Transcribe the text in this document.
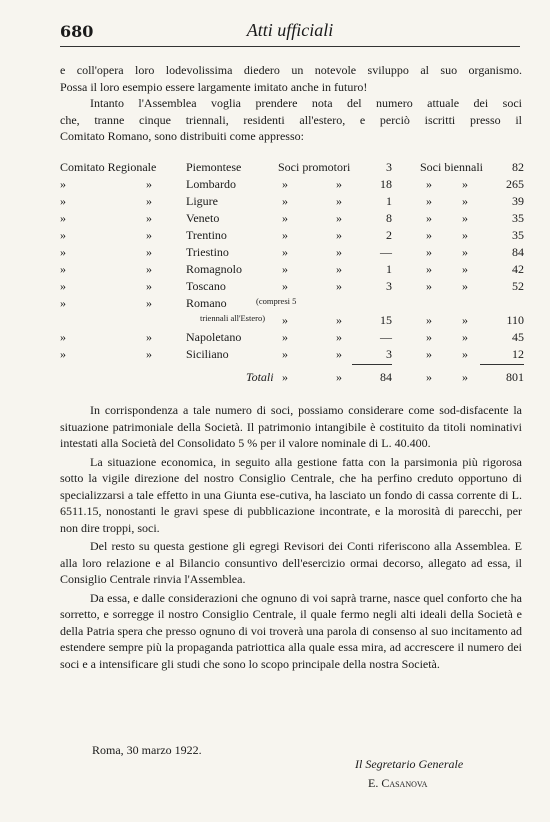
680	Atti ufficiali
e coll'opera loro lodevolissima diedero un notevole sviluppo al suo organismo.
Possa il loro esempio essere largamente imitato anche in futuro!
Intanto l'Assemblea voglia prendere nota del numero attuale dei soci
che, tranne cinque triennali, residenti all'estero, e perciò iscritti presso il
Comitato Romano, sono distribuiti come appresso:
Comitato Regionale Piemontese	Soci promotori	3 Soci biennali	82
»	»	Lombardo	»	»	18	»	»	265
»	»	Ligure	»	»	1	»	»	39
»	»	Veneto	»	»	8	»	»	35
»	»	Trentino	»	»	2	»	»	35
»	»	Triestino	»	»	—	»	»	84
»	»	Romagnolo	»	»	1	»	»	42
»	»	Toscano	»	»	3	»	»	52
»	»	Romano	(compresi 5
triennali all'Estero) »	»	15	»	»	110
»	»	Napoletano	»	»	—	»	»	45
»	»	Siciliano	»	»	3	»	»	12
Totali »	»	84	»	»	801

In corrispondenza a tale numero di soci, possiamo considerare come sod-disfacente la situazione patrimoniale della Società. Il patrimonio intangibile è costituito da titoli nominativi intestati alla Società del Consolidato 5 % per il valore nominale di L. 40.400.

La situazione economica, in seguito alla gestione fatta con la parsimonia più rigorosa sotto la vigile direzione del nostro Consiglio Centrale, che ha perfino creduto opportuno di specializzarsi a tale effetto in una Giunta ese-cutiva, ha lasciato un fondo di cassa corrente di L. 6511.15, nonostanti le gravi spese di pubblicazione incontrate, e la morosità di parecchi, per non dire troppi, soci.

Del resto su questa gestione gli egregi Revisori dei Conti riferiscono alla Assemblea. E alla loro relazione e al Bilancio consuntivo dell'esercizio ormai decorso, allegato ad essa, il Consiglio Centrale rinvia l'Assemblea.

Da essa, e dalle considerazioni che ognuno di voi saprà trarne, nasce quel conforto che ha sorretto, e sorregge il nostro Consiglio Centrale, il quale fermo negli alti ideali della Società e della Patria spera che presso ognuno di voi troverà una parola di consenso al suo incitamento ad estendere sempre più la propaganda patriottica alla quale essa mira, ad accrescere il numero dei soci e a intensificare gli studi che sono lo scopo principale della nostra Società.

Roma, 30 marzo 1922.
Il Segretario Generale
E. Casanova
